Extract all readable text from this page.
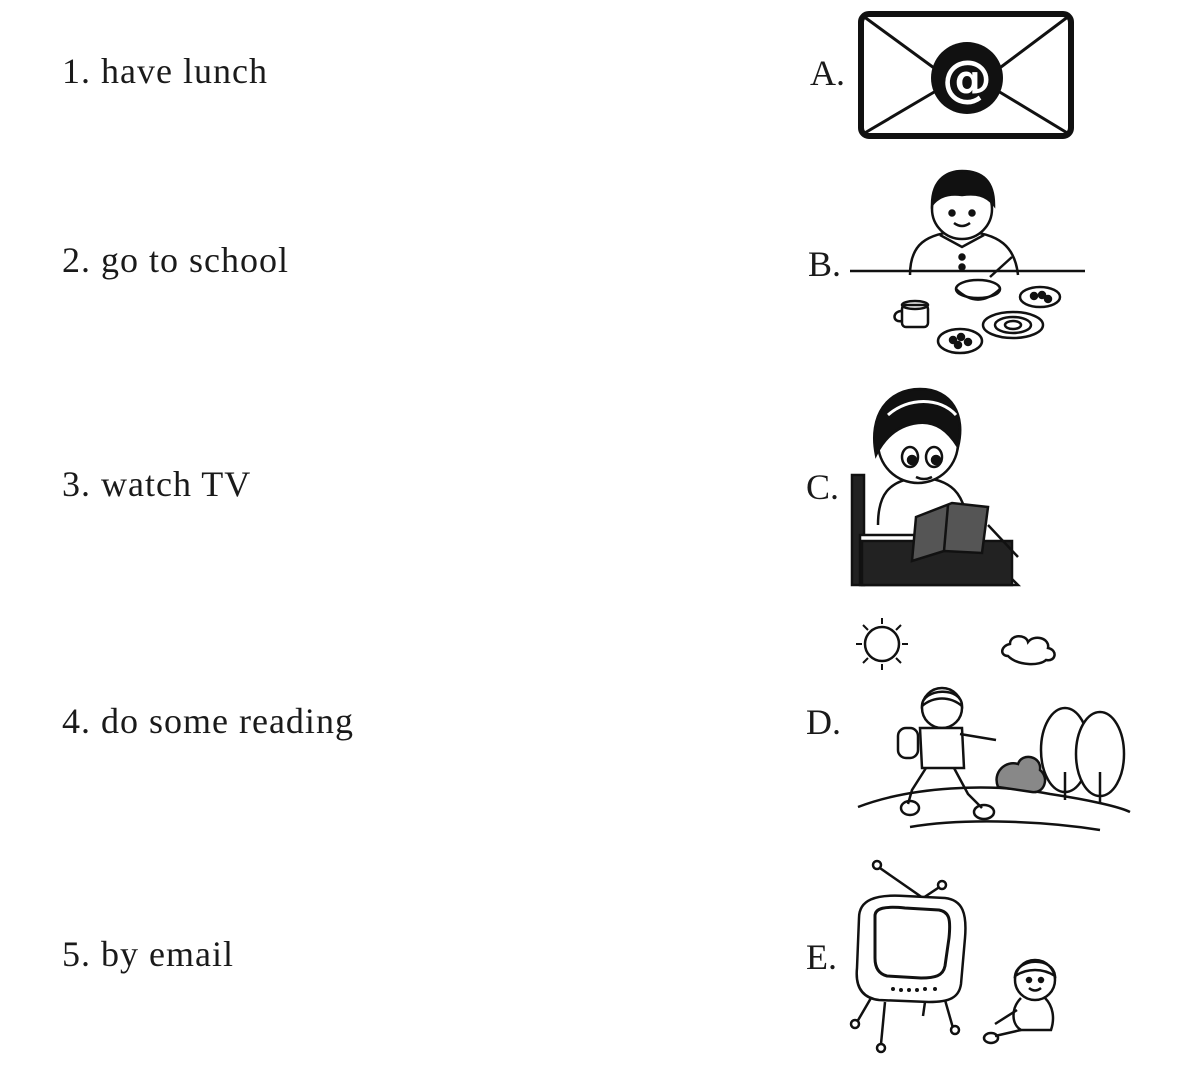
1. have lunch
2. go to school
3. watch TV
4. do some reading
5. by email
A.
B.
C.
D.
E.
@
